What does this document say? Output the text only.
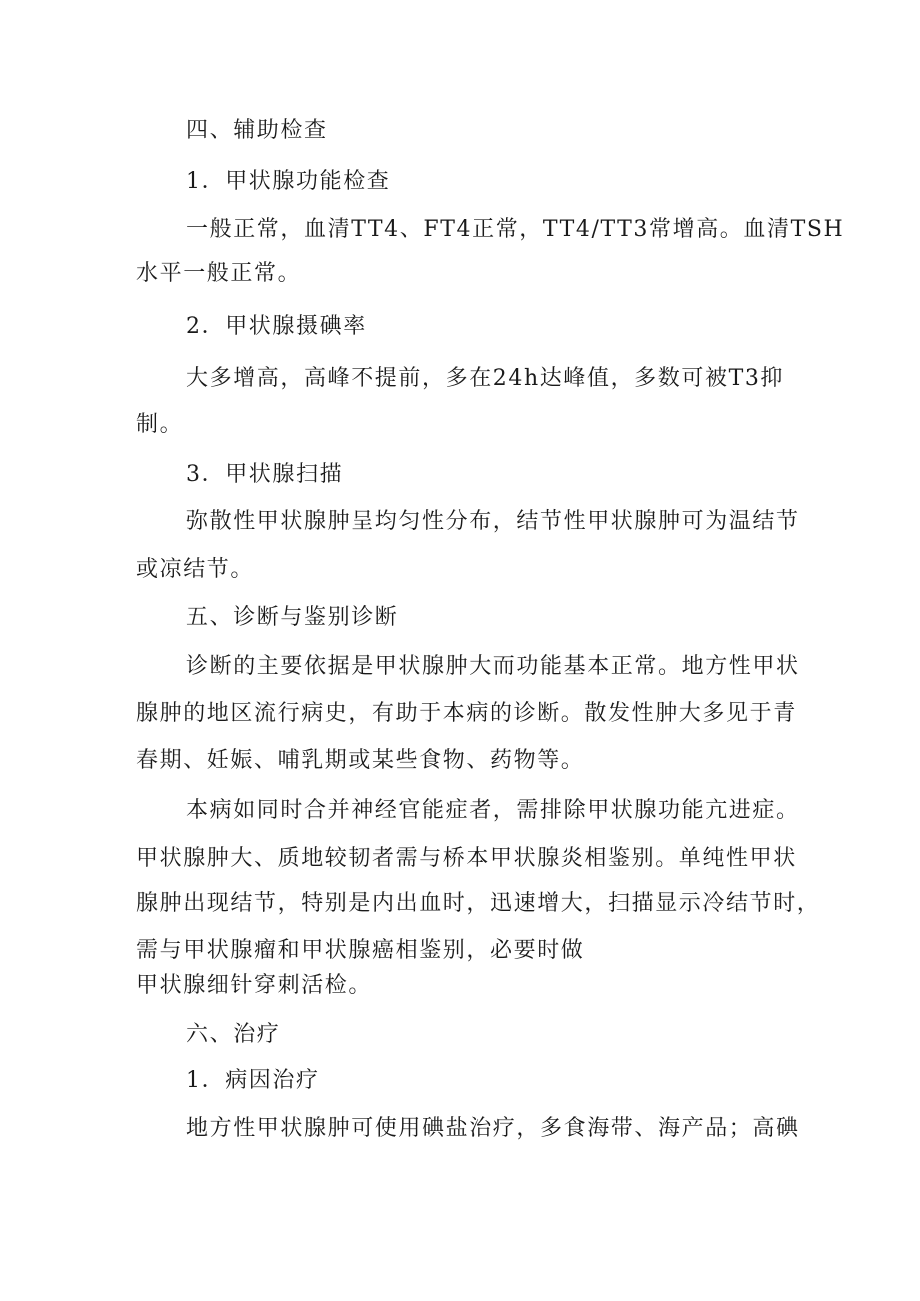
四、辅助检查
1．甲状腺功能检查
一般正常，血清TT4、FT4正常，TT4/TT3常增高。血清TSH
水平一般正常。
2．甲状腺摄碘率
大多增高，高峰不提前，多在24h达峰值，多数可被T3抑
制。
3．甲状腺扫描
弥散性甲状腺肿呈均匀性分布，结节性甲状腺肿可为温结节
或凉结节。
五、诊断与鉴别诊断
诊断的主要依据是甲状腺肿大而功能基本正常。地方性甲状
腺肿的地区流行病史，有助于本病的诊断。散发性肿大多见于青
春期、妊娠、哺乳期或某些食物、药物等。
本病如同时合并神经官能症者，需排除甲状腺功能亢进症。
甲状腺肿大、质地较韧者需与桥本甲状腺炎相鉴别。单纯性甲状
腺肿出现结节，特别是内出血时，迅速增大，扫描显示冷结节时，
需与甲状腺瘤和甲状腺癌相鉴别，必要时做
甲状腺细针穿刺活检。
六、治疗
1．病因治疗
地方性甲状腺肿可使用碘盐治疗，多食海带、海产品；高碘
